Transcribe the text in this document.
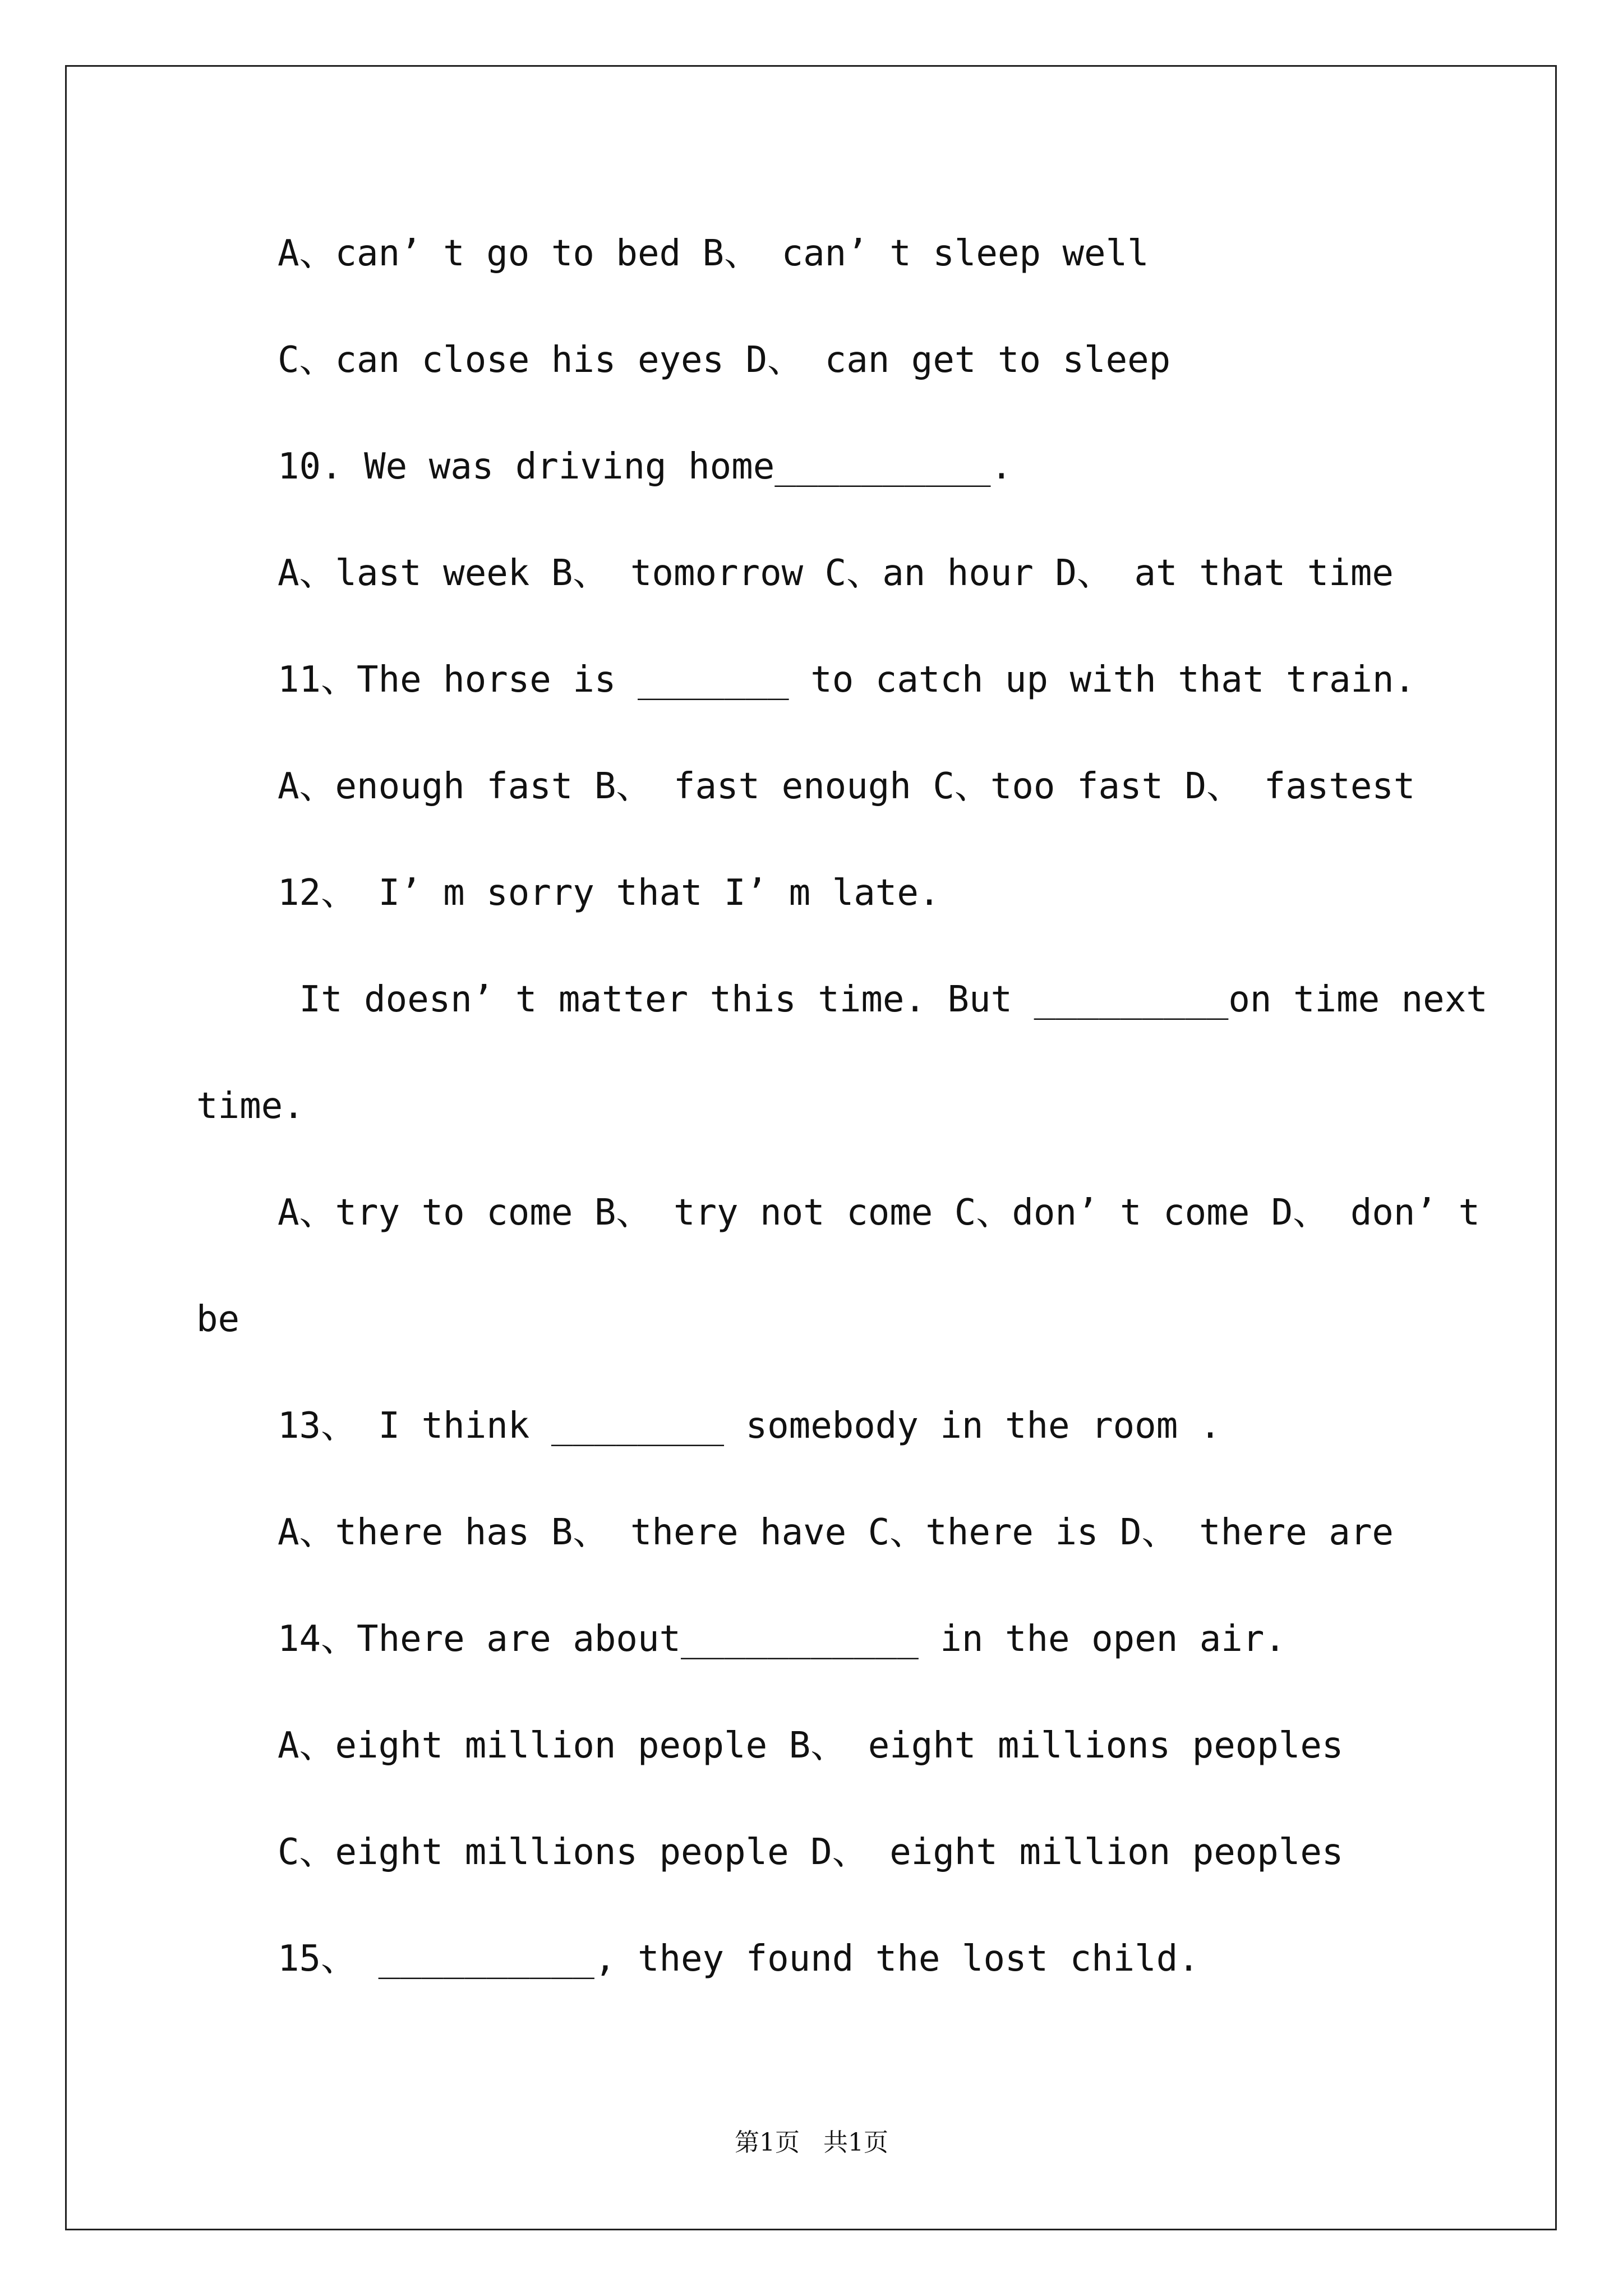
A、can’ t go to bed B、 can’ t sleep well
C、can close his eyes D、 can get to sleep
10. We was driving home__________.
A、last week B、 tomorrow C、an hour D、 at that time
11、The horse is _______ to catch up with that train.
A、enough fast B、 fast enough C、too fast D、 fastest
12、 I’ m sorry that I’ m late.
It doesn’ t matter this time. But _________on time next
time.
A、try to come B、 try not come C、don’ t come D、 don’ t
be
13、 I think ________ somebody in the room .
A、there has B、 there have C、there is D、 there are
14、There are about___________ in the open air.
A、eight million people B、 eight millions peoples
C、eight millions people D、 eight million peoples
15、 __________, they found the lost child.
第1页   共1页
